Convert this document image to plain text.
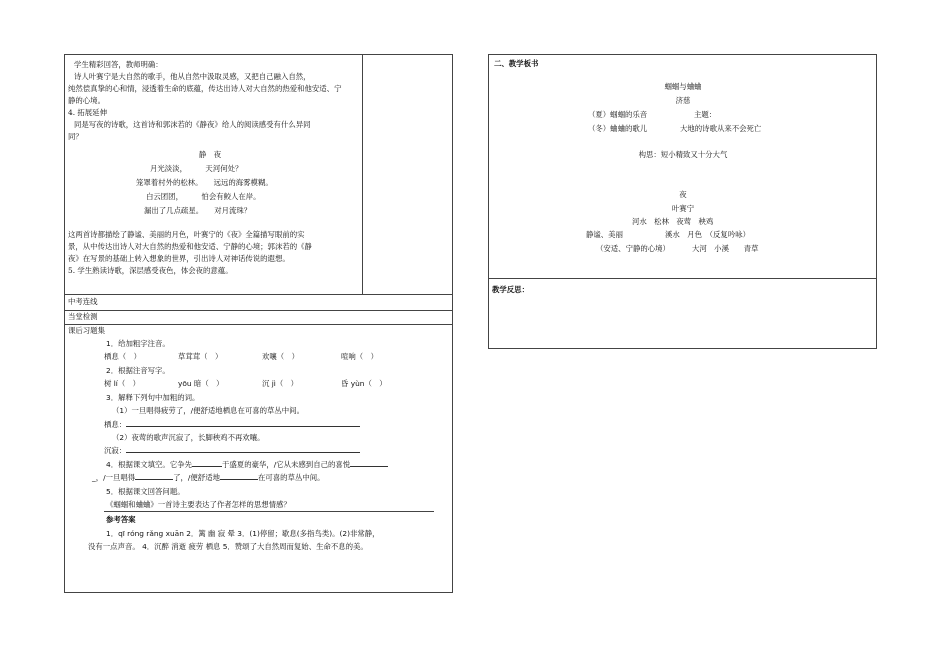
学生精彩回答，教师明确：
诗人叶赛宁是大自然的歌手，他从自然中汲取灵感，又把自己融入自然，
纯然偿真挚的心和情，浸透着生命的底蕴，传达出诗人对大自然的热爱和他安适、宁
静的心境。
4. 拓展延伸
同是写夜的诗歌，这首诗和郭沫若的《静夜》给人的阅读感受有什么异同
同？
静　夜
月光淡淡，　　　天河何处？
笼罩着村外的松林。　　远远的海雾模糊。
白云团团，　　　怕会有鲛人在岸。
漏出了几点疏星。　　对月流珠？
这两首诗都描绘了静谧、美丽的月色，叶赛宁的《夜》全篇描写眼前的实
景，从中传达出诗人对大自然的热爱和他安适、宁静的心境；郭沫若的《静
夜》在写景的基础上转入想象的世界，引出诗人对神话传说的遐想。
5. 学生熟读诗歌，深层感受夜色，体会夜的意蕴。
中考连线
当堂检测
课后习题集
1．给加粗字注音。
栖息（　）	草茸茸（　）	欢嚷（　）	喧响（　）
2．根据注音写字。
树 lí（　）	yōu 暗（　）	沉 jì（　）	昏 yùn（　）
3．解释下列句中加粗的词。
（1）一旦唱得疲劳了，/便舒适地栖息在可喜的草丛中间。
栖息：
（2）夜莺的歌声沉寂了，长脚秧鸡不再欢嚷。
沉寂：
4．根据课文填空。它争先	于盛夏的豪华，/它从未感到自己的喜悦
_，/一旦唱得	了，/便舒适地	在可喜的草丛中间。
5．根据课文回答问题。
《蝈蝈和蛐蛐》一首诗主要表达了作者怎样的思想情感？
参考答案
1．qī róng rǎng xuān 2．篱 幽 寂 晕 3．(1)停留；歇息(多指鸟类)。(2)非常静，
没有一点声音。 4．沉醉 消逝 疲劳 栖息 5．赞颂了大自然周而复始、生命不息的美。
二、教学板书
蝈蝈与蛐蛐
济慈
（夏）蝈蝈的乐音	主题：
（冬）蛐蛐的歌儿	大地的诗歌从来不会死亡
构思：短小精致又十分大气
夜
叶赛宁
河水　松林　夜莺　秧鸡
静谧、美丽	溪水　月色　（反复吟咏）
（安适、宁静的心境）	大河　小溪　　青草
教学反思：
